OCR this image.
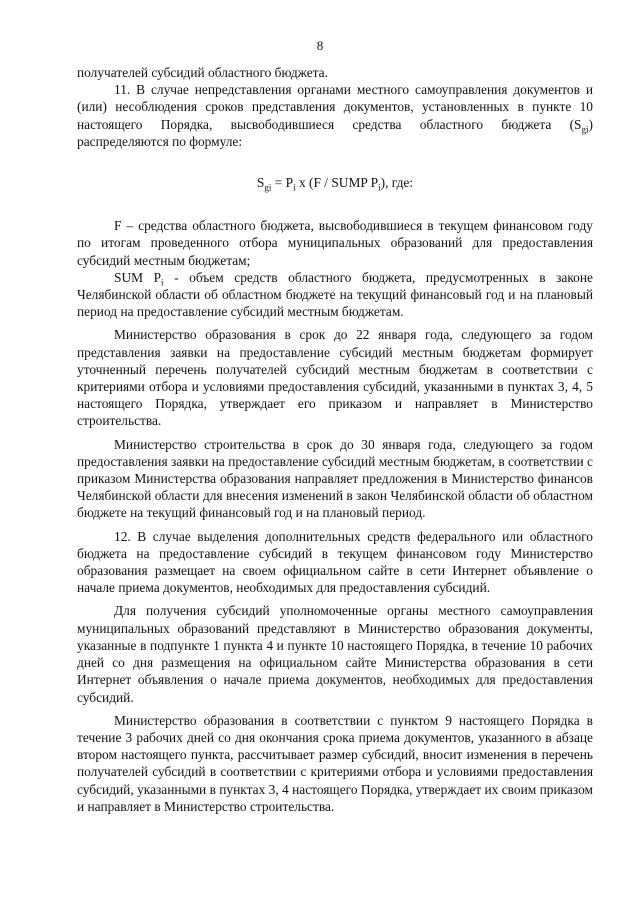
8

получателей субсидий областного бюджета.

11. В случае непредставления органами местного самоуправления документов и (или) несоблюдения сроков представления документов, установленных в пункте 10 настоящего Порядка, высвободившиеся средства областного бюджета $(S_{gi})$ распределяются по формуле:

$S_{gi} = P_i$ x (F / SUMP $P_i$), где:

F – средства областного бюджета, высвободившиеся в текущем финансовом году по итогам проведенного отбора муниципальных образований для предоставления субсидий местным бюджетам;

SUM $P_i$ - объем средств областного бюджета, предусмотренных в законе Челябинской области об областном бюджете на текущий финансовый год и на плановый период на предоставление субсидий местным бюджетам.

Министерство образования в срок до 22 января года, следующего за годом представления заявки на предоставление субсидий местным бюджетам формирует уточненный перечень получателей субсидий местным бюджетам в соответствии с критериями отбора и условиями предоставления субсидий, указанными в пунктах 3, 4, 5 настоящего Порядка, утверждает его приказом и направляет в Министерство строительства.

Министерство строительства в срок до 30 января года, следующего за годом предоставления заявки на предоставление субсидий местным бюджетам, в соответствии с приказом Министерства образования направляет предложения в Министерство финансов Челябинской области для внесения изменений в закон Челябинской области об областном бюджете на текущий финансовый год и на плановый период.

12. В случае выделения дополнительных средств федерального или областного бюджета на предоставление субсидий в текущем финансовом году Министерство образования размещает на своем официальном сайте в сети Интернет объявление о начале приема документов, необходимых для предоставления субсидий.

Для получения субсидий уполномоченные органы местного самоуправления муниципальных образований представляют в Министерство образования документы, указанные в подпункте 1 пункта 4 и пункте 10 настоящего Порядка, в течение 10 рабочих дней со дня размещения на официальном сайте Министерства образования в сети Интернет объявления о начале приема документов, необходимых для предоставления субсидий.

Министерство образования в соответствии с пунктом 9 настоящего Порядка в течение 3 рабочих дней со дня окончания срока приема документов, указанного в абзаце втором настоящего пункта, рассчитывает размер субсидий, вносит изменения в перечень получателей субсидий в соответствии с критериями отбора и условиями предоставления субсидий, указанными в пунктах 3, 4 настоящего Порядка, утверждает их своим приказом и направляет в Министерство строительства.
